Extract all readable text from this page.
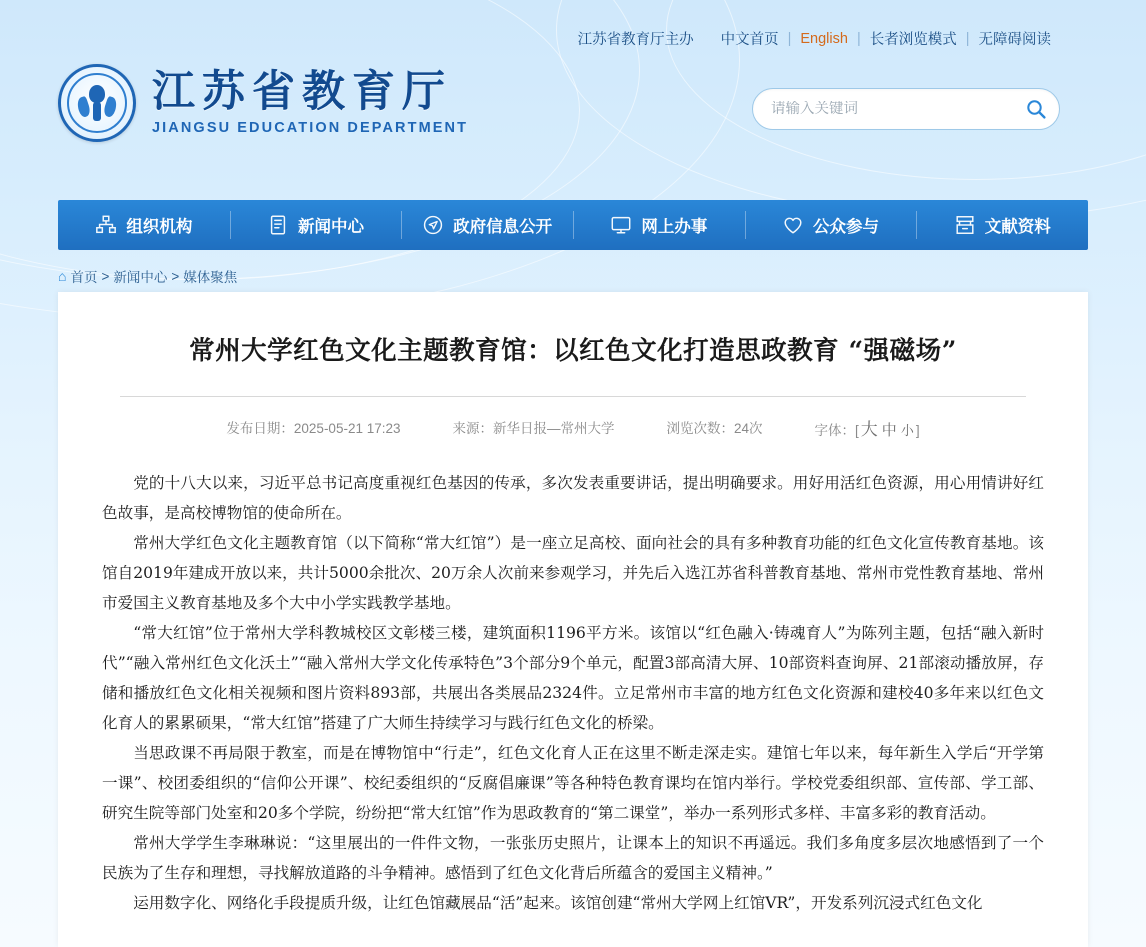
江苏省教育厅主办	中文首页 | English | 长者浏览模式 | 无障碍阅读
江苏省教育厅
JIANGSU EDUCATION DEPARTMENT
请输入关键词
组织机构	新闻中心	政府信息公开	网上办事	公众参与	文献资料
⌂ 首页 > 新闻中心 > 媒体聚焦
常州大学红色文化主题教育馆：以红色文化打造思政教育 “强磁场”
发布日期：2025-05-21 17:23	来源：新华日报—常州大学	浏览次数：24次	字体： [ 大 中 小 ]

党的十八大以来，习近平总书记高度重视红色基因的传承，多次发表重要讲话，提出明确要求。用好用活红色资源，用心用情讲好红色故事，是高校博物馆的使命所在。

常州大学红色文化主题教育馆（以下简称“常大红馆”）是一座立足高校、面向社会的具有多种教育功能的红色文化宣传教育基地。该馆自2019年建成开放以来，共计5000余批次、20万余人次前来参观学习，并先后入选江苏省科普教育基地、常州市党性教育基地、常州市爱国主义教育基地及多个大中小学实践教学基地。

“常大红馆”位于常州大学科教城校区文彰楼三楼，建筑面积1196平方米。该馆以“红色融入·铸魂育人”为陈列主题，包括“融入新时代”“融入常州红色文化沃土”“融入常州大学文化传承特色”3个部分9个单元，配置3部高清大屏、10部资料查询屏、21部滚动播放屏，存储和播放红色文化相关视频和图片资料893部，共展出各类展品2324件。立足常州市丰富的地方红色文化资源和建校40多年来以红色文化育人的累累硕果，“常大红馆”搭建了广大师生持续学习与践行红色文化的桥梁。

当思政课不再局限于教室，而是在博物馆中“行走”，红色文化育人正在这里不断走深走实。建馆七年以来，每年新生入学后“开学第一课”、校团委组织的“信仰公开课”、校纪委组织的“反腐倡廉课”等各种特色教育课均在馆内举行。学校党委组织部、宣传部、学工部、研究生院等部门处室和20多个学院，纷纷把“常大红馆”作为思政教育的“第二课堂”，举办一系列形式多样、丰富多彩的教育活动。

常州大学学生李琳琳说：“这里展出的一件件文物，一张张历史照片，让课本上的知识不再遥远。我们多角度多层次地感悟到了一个民族为了生存和理想，寻找解放道路的斗争精神。感悟到了红色文化背后所蕴含的爱国主义精神。”

运用数字化、网络化手段提质升级，让红色馆藏展品“活”起来。该馆创建“常州大学网上红馆VR”，开发系列沉浸式红色文化
